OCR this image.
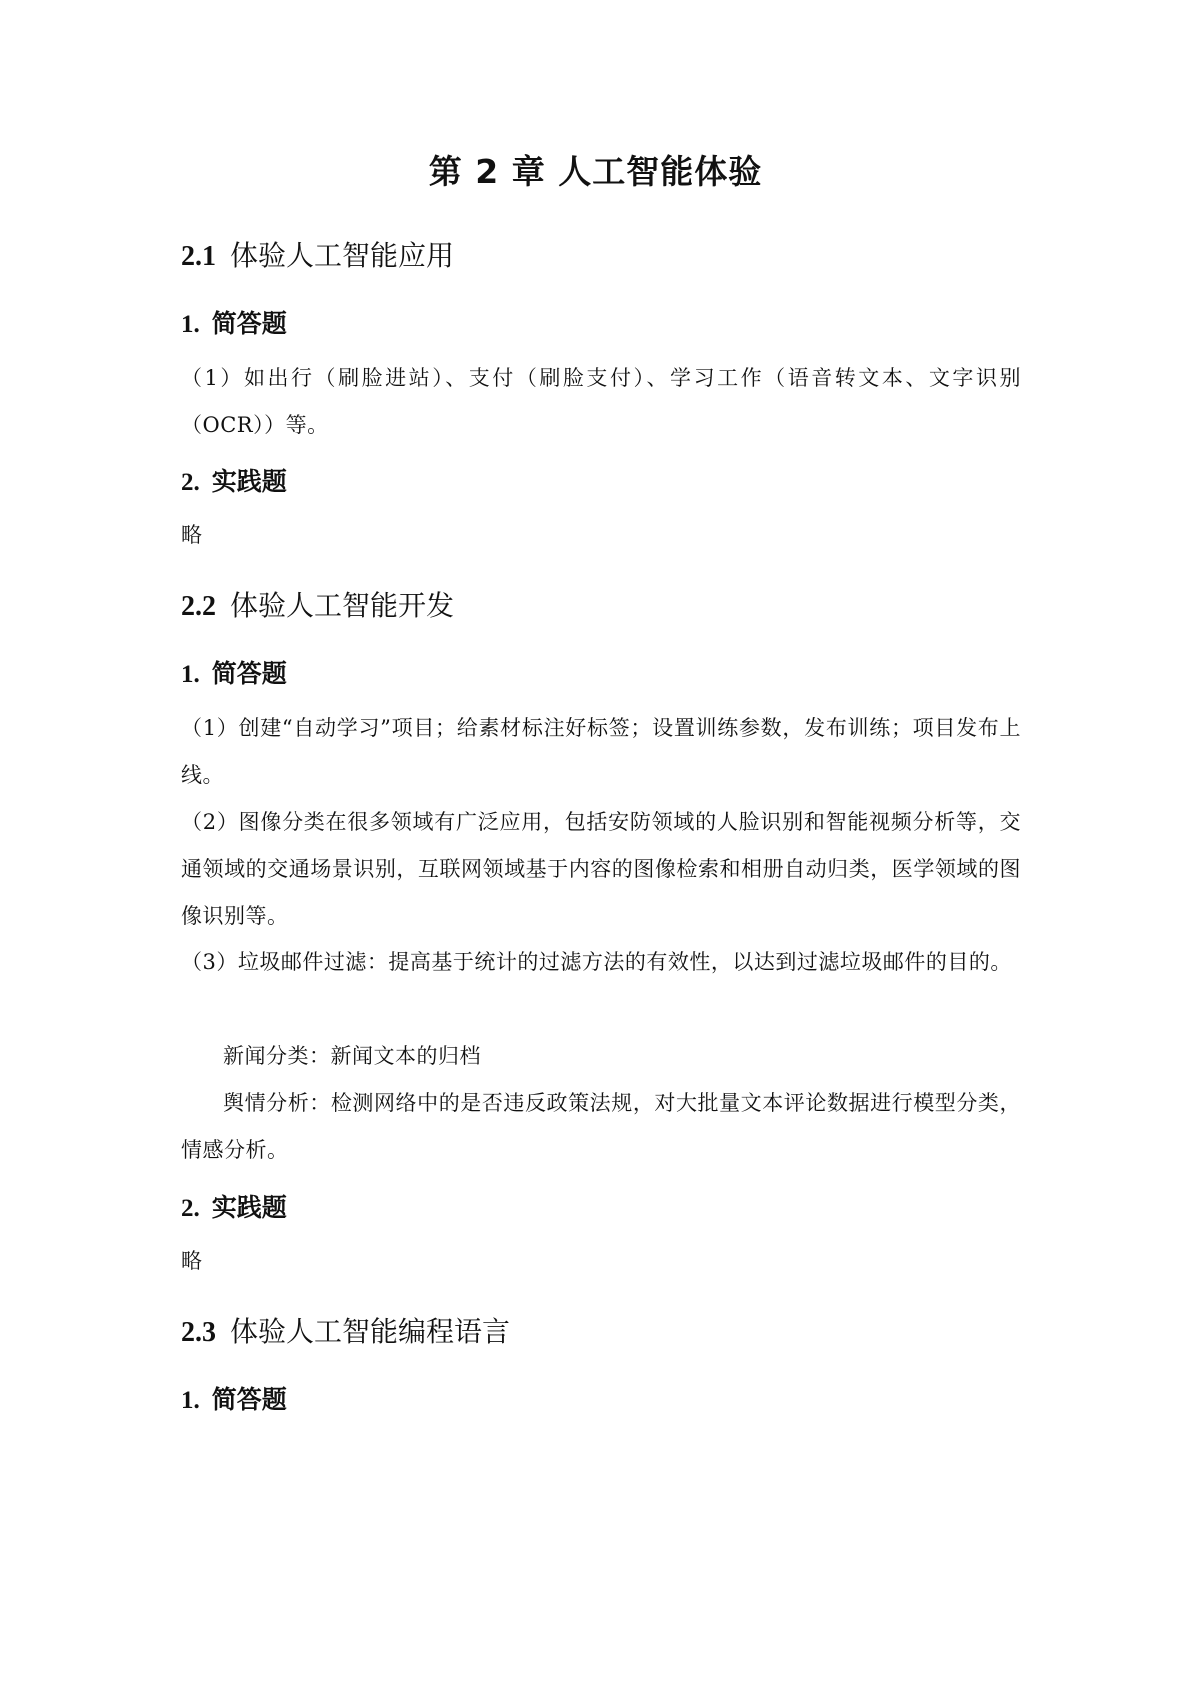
第 2 章 人工智能体验
2.1 体验人工智能应用
1. 简答题

（1）如出行（刷脸进站）、支付（刷脸支付）、学习工作（语音转文本、文字识别（OCR））等。

2. 实践题

略

2.2 体验人工智能开发
1. 简答题

（1）创建“自动学习”项目；给素材标注好标签；设置训练参数，发布训练；项目发布上线。

（2）图像分类在很多领域有广泛应用，包括安防领域的人脸识别和智能视频分析等，交通领域的交通场景识别，互联网领域基于内容的图像检索和相册自动归类，医学领域的图像识别等。

（3）垃圾邮件过滤：提高基于统计的过滤方法的有效性，以达到过滤垃圾邮件的目的。

新闻分类：新闻文本的归档

舆情分析：检测网络中的是否违反政策法规，对大批量文本评论数据进行模型分类，情感分析。

2. 实践题

略

2.3 体验人工智能编程语言
1. 简答题
